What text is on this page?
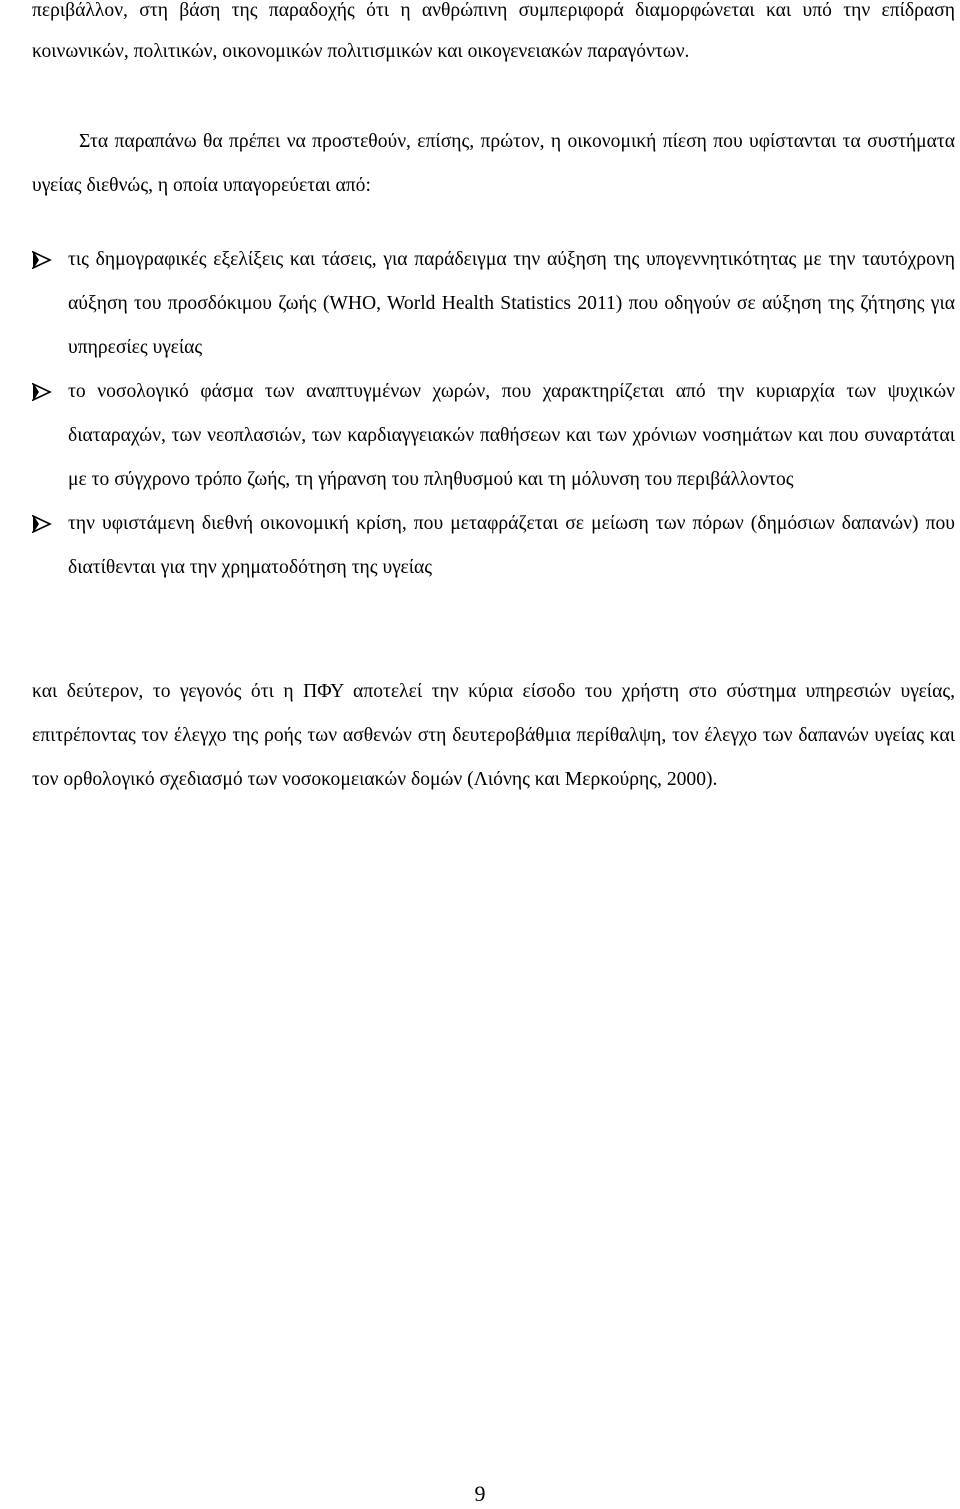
περιβάλλον, στη βάση της παραδοχής ότι η ανθρώπινη συμπεριφορά διαμορφώνεται και υπό την επίδραση κοινωνικών, πολιτικών, οικονομικών πολιτισμικών και οικογενειακών παραγόντων.

Στα παραπάνω θα πρέπει να προστεθούν, επίσης, πρώτον, η οικονομική πίεση που υφίστανται τα συστήματα υγείας διεθνώς, η οποία υπαγορεύεται από:

τις δημογραφικές εξελίξεις και τάσεις, για παράδειγμα την αύξηση της υπογεννητικότητας με την ταυτόχρονη αύξηση του προσδόκιμου ζωής (WHO, World Health Statistics 2011) που οδηγούν σε αύξηση της ζήτησης για υπηρεσίες υγείας
το νοσολογικό φάσμα των αναπτυγμένων χωρών, που χαρακτηρίζεται από την κυριαρχία των ψυχικών διαταραχών, των νεοπλασιών, των καρδιαγγειακών παθήσεων και των χρόνιων νοσημάτων και που συναρτάται με το σύγχρονο τρόπο ζωής, τη γήρανση του πληθυσμού και τη μόλυνση του περιβάλλοντος
την υφιστάμενη διεθνή οικονομική κρίση, που μεταφράζεται σε μείωση των πόρων (δημόσιων δαπανών) που διατίθενται για την χρηματοδότηση της υγείας

και δεύτερον, το γεγονός ότι η ΠΦΥ αποτελεί την κύρια είσοδο του χρήστη στο σύστημα υπηρεσιών υγείας, επιτρέποντας τον έλεγχο της ροής των ασθενών στη δευτεροβάθμια περίθαλψη, τον έλεγχο των δαπανών υγείας και τον ορθολογικό σχεδιασμό των νοσοκομειακών δομών (Λιόνης και Μερκούρης, 2000).

9
